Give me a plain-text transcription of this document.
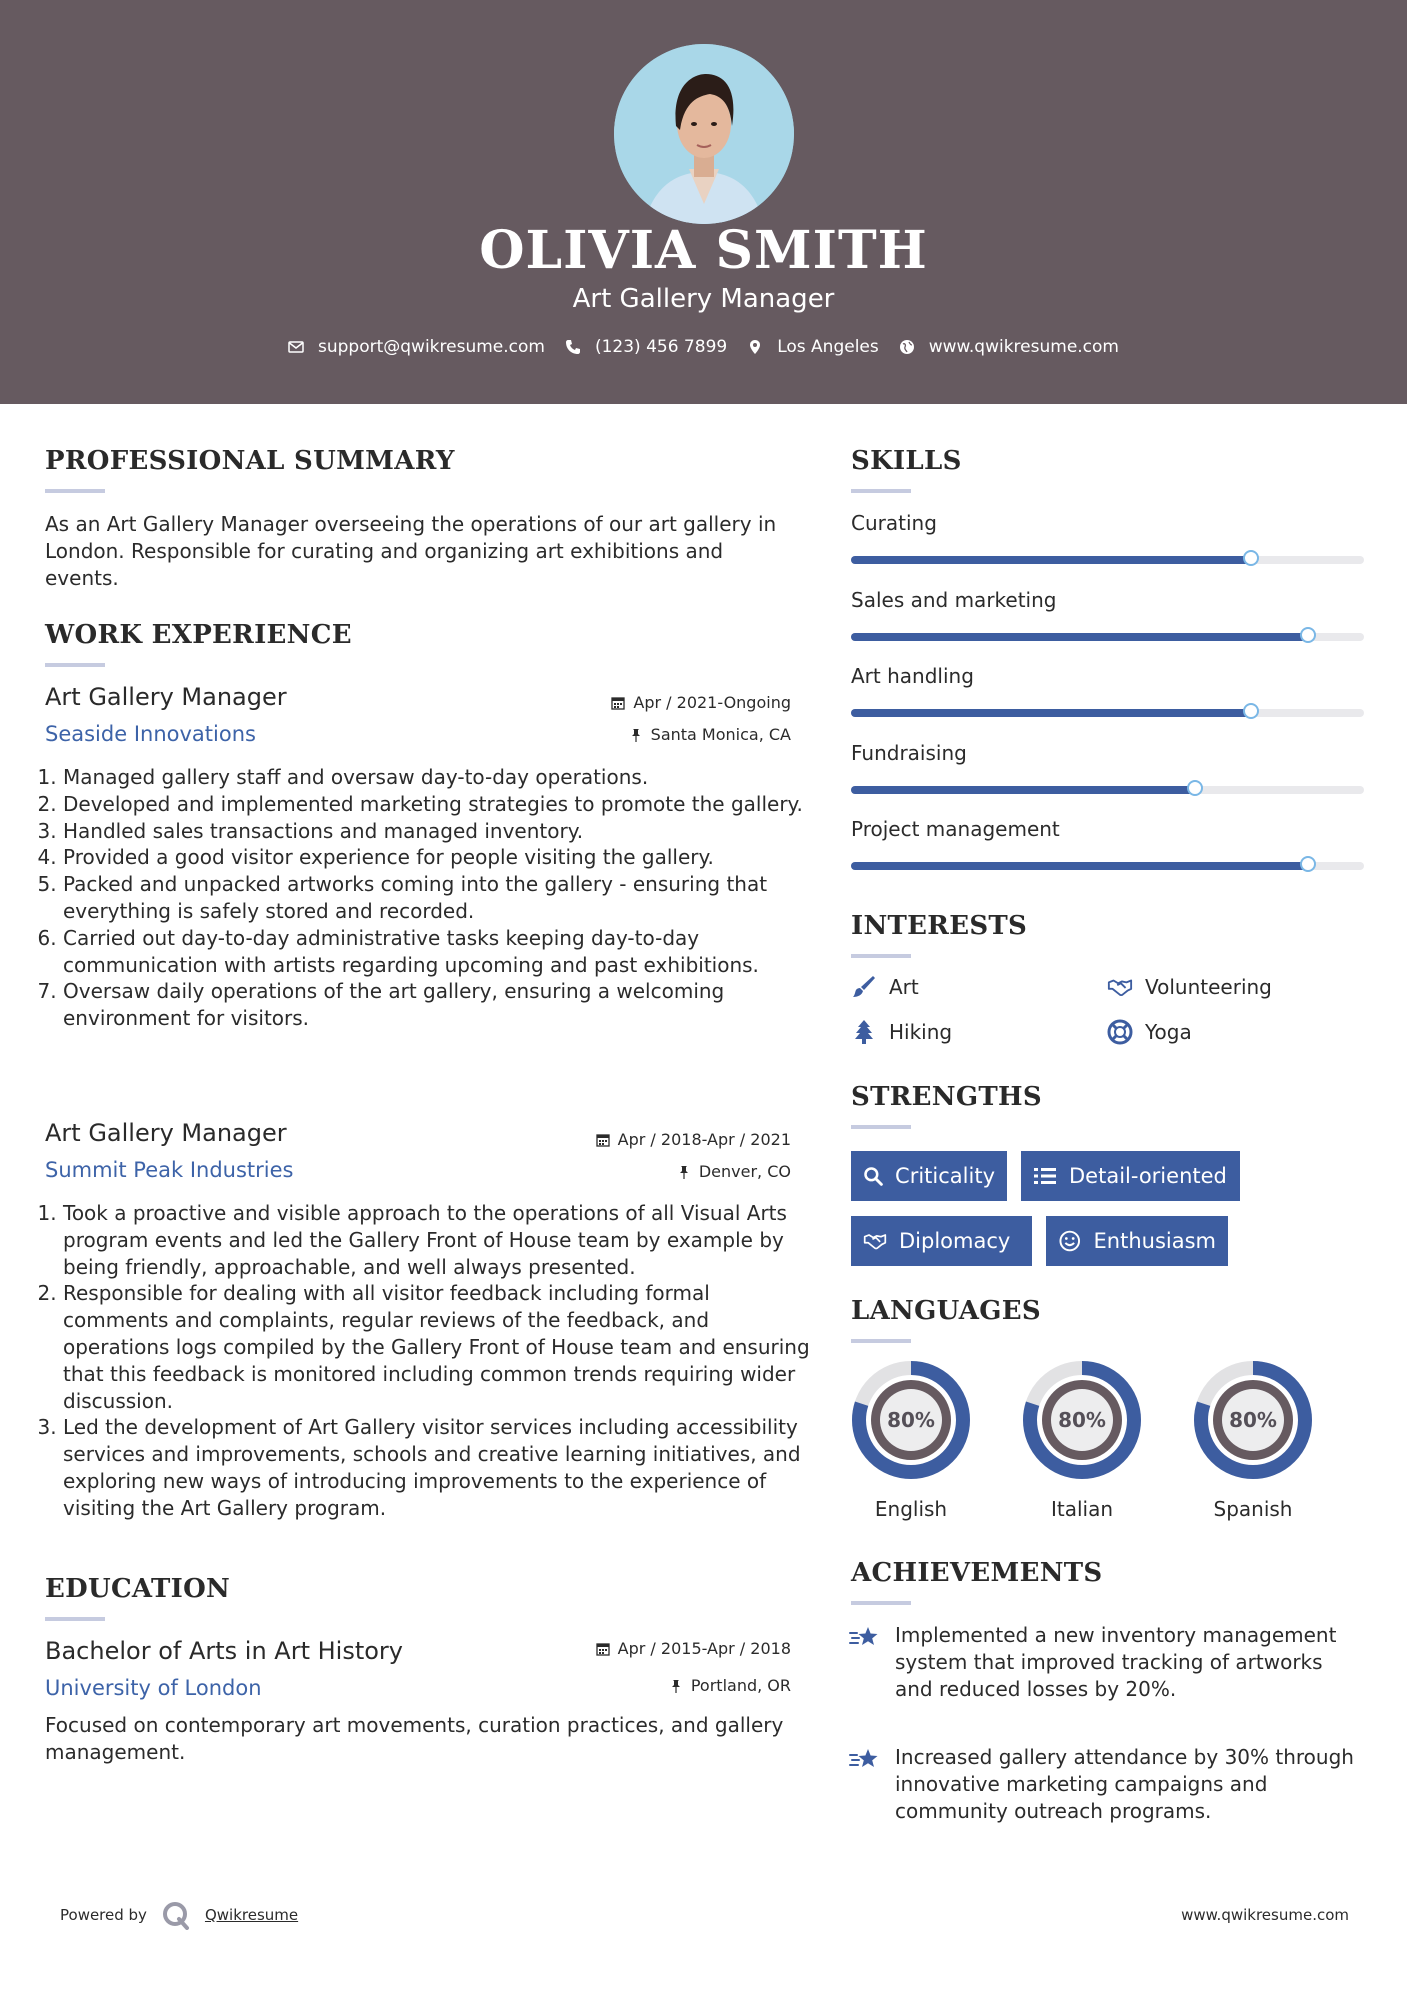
OLIVIA SMITH
Art Gallery Manager
support@qwikresume.com	(123) 456 7899	Los Angeles	www.qwikresume.com
PROFESSIONAL SUMMARY
As an Art Gallery Manager overseeing the operations of our art gallery in London. Responsible for curating and organizing art exhibitions and events.
WORK EXPERIENCE
Art Gallery Manager
Seaside Innovations
Apr / 2021-Ongoing
Santa Monica, CA
1. Managed gallery staff and oversaw day-to-day operations.
2. Developed and implemented marketing strategies to promote the gallery.
3. Handled sales transactions and managed inventory.
4. Provided a good visitor experience for people visiting the gallery.
5. Packed and unpacked artworks coming into the gallery - ensuring that everything is safely stored and recorded.
6. Carried out day-to-day administrative tasks keeping day-to-day communication with artists regarding upcoming and past exhibitions.
7. Oversaw daily operations of the art gallery, ensuring a welcoming environment for visitors.
Art Gallery Manager
Summit Peak Industries
Apr / 2018-Apr / 2021
Denver, CO
1. Took a proactive and visible approach to the operations of all Visual Arts program events and led the Gallery Front of House team by example by being friendly, approachable, and well always presented.
2. Responsible for dealing with all visitor feedback including formal comments and complaints, regular reviews of the feedback, and operations logs compiled by the Gallery Front of House team and ensuring that this feedback is monitored including common trends requiring wider discussion.
3. Led the development of Art Gallery visitor services including accessibility services and improvements, schools and creative learning initiatives, and exploring new ways of introducing improvements to the experience of visiting the Art Gallery program.
EDUCATION
Bachelor of Arts in Art History
University of London
Apr / 2015-Apr / 2018
Portland, OR
Focused on contemporary art movements, curation practices, and gallery management.
SKILLS
Curating
Sales and marketing
Art handling
Fundraising
Project management
INTERESTS
Art	Volunteering
Hiking	Yoga
STRENGTHS
Criticality	Detail-oriented
Diplomacy	Enthusiasm
LANGUAGES
80%
English
80%
Italian
80%
Spanish
ACHIEVEMENTS
Implemented a new inventory management system that improved tracking of artworks and reduced losses by 20%.
Increased gallery attendance by 30% through innovative marketing campaigns and community outreach programs.
Powered by	Qwikresume	www.qwikresume.com
